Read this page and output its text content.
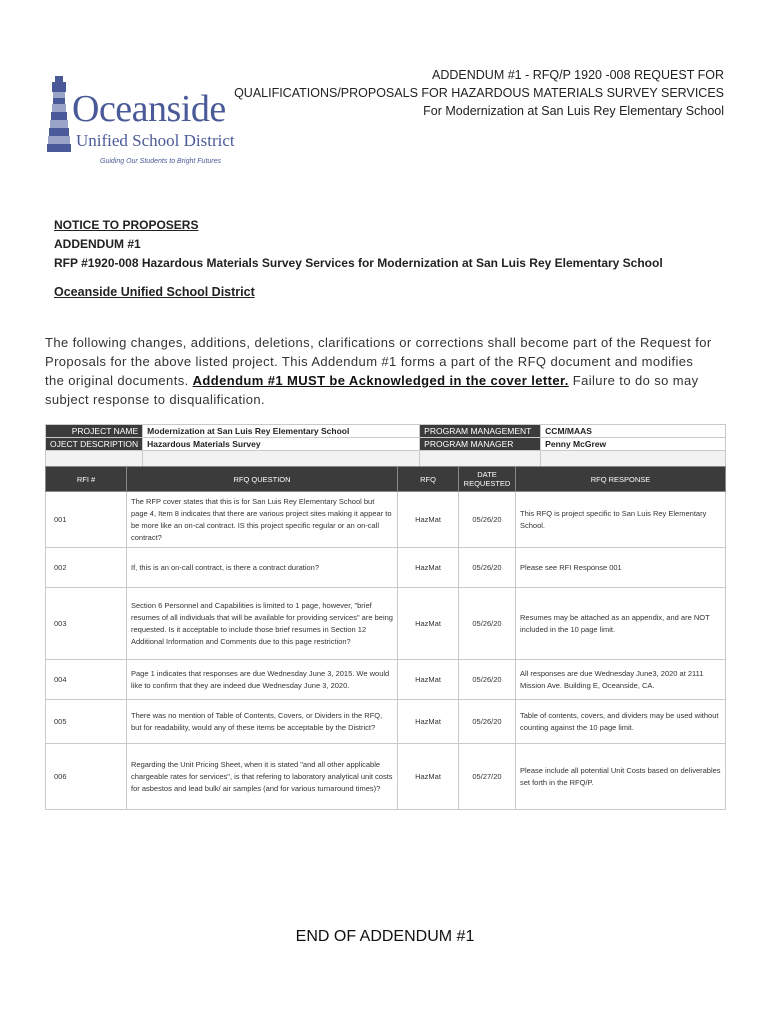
Oceanside
Unified School District
Guiding Our Students to Bright Futures
ADDENDUM #1 - RFQ/P 1920 -008 REQUEST FOR
QUALIFICATIONS/PROPOSALS FOR HAZARDOUS MATERIALS SURVEY SERVICES
For Modernization at San Luis Rey Elementary School
NOTICE TO PROPOSERS
ADDENDUM #1
RFP #1920-008 Hazardous Materials Survey Services for Modernization at San Luis Rey Elementary School
Oceanside Unified School District
The following changes, additions, deletions, clarifications or corrections shall become part of the Request for Proposals for the above listed project. This Addendum #1 forms a part of the RFQ document and modifies the original documents. Addendum #1 MUST be Acknowledged in the cover letter. Failure to do so may subject response to disqualification.
PROJECT NAME	Modernization at San Luis Rey Elementary School	PROGRAM MANAGEMENT	CCM/MAAS
OJECT DESCRIPTION	Hazardous Materials Survey	PROGRAM MANAGER	Penny McGrew

RFI #	RFQ QUESTION	RFQ	DATE REQUESTED	RFQ RESPONSE
001	The RFP cover states that this is for San Luis Rey Elementary School but page 4, Item 8 indicates that there are various project sites making it appear to be more like an on-cal contract. IS this project specific regular or an on-call contract?	HazMat	05/26/20	This RFQ is project specific to San Luis Rey Elementary School.
002	If, this is an on-call contract, is there a contract duration?	HazMat	05/26/20	Please see RFI Response 001
003	Section 6 Personnel and Capabilities is limited to 1 page, however, "brief resumes of all individuals that will be available for providing services" are being requested. Is it acceptable to include those brief resumes in Section 12 Additional Information and Comments due to this page restriction?	HazMat	05/26/20	Resumes may be attached as an appendix, and are NOT included in the 10 page limit.
004	Page 1 indicates that responses are due Wednesday June 3, 2015. We would like to confirm that they are indeed due Wednesday June 3, 2020.	HazMat	05/26/20	All responses are due Wednesday June3, 2020 at 2111 Mission Ave. Building E, Oceanside, CA.
005	There was no mention of Table of Contents, Covers, or Dividers in the RFQ, but for readability, would any of these items be acceptable by the District?	HazMat	05/26/20	Table of contents, covers, and dividers may be used without counting against the 10 page limit.
006	Regarding the Unit Pricing Sheet, when it is stated "and all other applicable chargeable rates for services", is that refering to laboratory analytical unit costs for asbestos and lead bulk/ air samples (and for various turnaround times)?	HazMat	05/27/20	Please include all potential Unit Costs based on deliverables set forth in the RFQ/P.
END OF ADDENDUM #1
